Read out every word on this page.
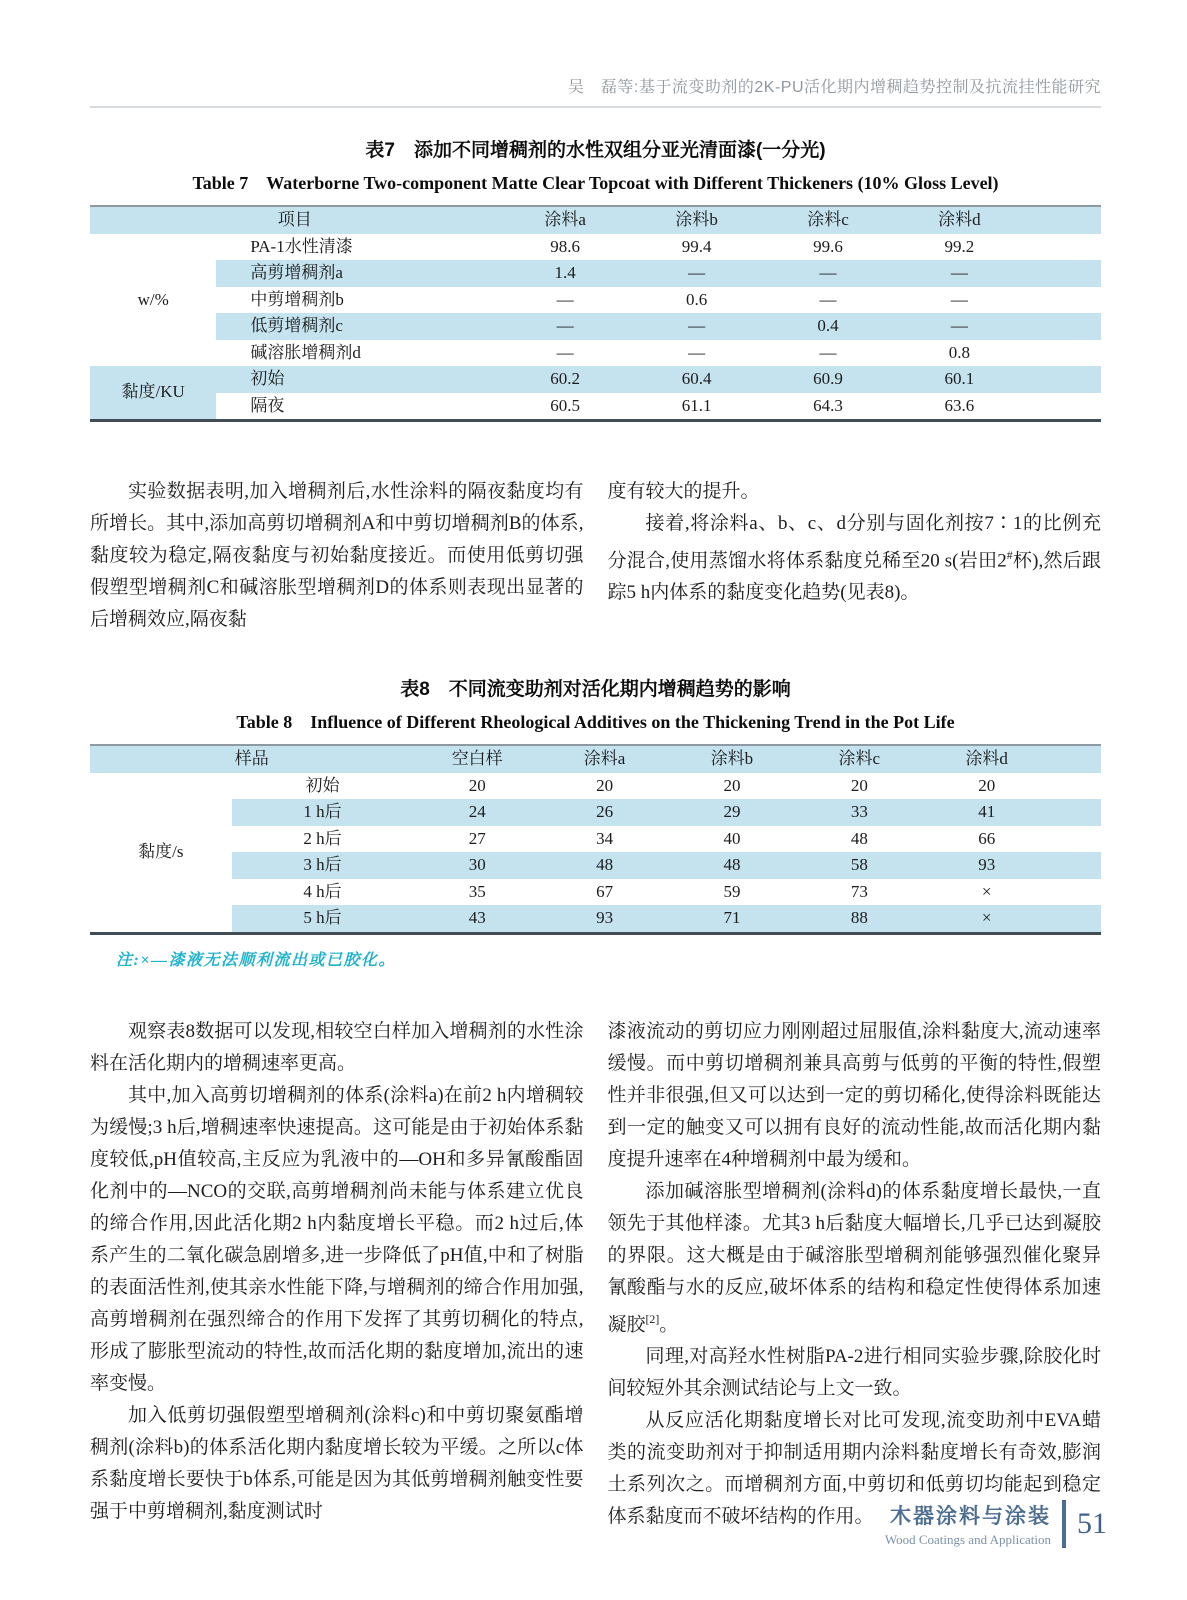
吴　磊等:基于流变助剂的2K-PU活化期内增稠趋势控制及抗流挂性能研究
表7　添加不同增稠剂的水性双组分亚光清面漆(一分光)
Table 7　Waterborne Two-component Matte Clear Topcoat with Different Thickeners (10% Gloss Level)
项目		涂料a	涂料b	涂料c	涂料d	
w/%	PA-1水性清漆	98.6	99.4	99.6	99.2	
	高剪增稠剂a	1.4	—	—	—	
	中剪增稠剂b	—	0.6	—	—	
	低剪增稠剂c	—	—	0.4	—	
	碱溶胀增稠剂d	—	—	—	0.8	
黏度/KU	初始	60.2	60.4	60.9	60.1	
	隔夜	60.5	61.1	64.3	63.6	

实验数据表明,加入增稠剂后,水性涂料的隔夜黏度均有所增长。其中,添加高剪切增稠剂A和中剪切增稠剂B的体系,黏度较为稳定,隔夜黏度与初始黏度接近。而使用低剪切强假塑型增稠剂C和碱溶胀型增稠剂D的体系则表现出显著的后增稠效应,隔夜黏

度有较大的提升。

接着,将涂料a、b、c、d分别与固化剂按7∶1的比例充分混合,使用蒸馏水将体系黏度兑稀至20 s(岩田2#杯),然后跟踪5 h内体系的黏度变化趋势(见表8)。

表8　不同流变助剂对活化期内增稠趋势的影响
Table 8　Influence of Different Rheological Additives on the Thickening Trend in the Pot Life
样品		空白样	涂料a	涂料b	涂料c	涂料d	
黏度/s	初始	20	20	20	20	20	
	1 h后	24	26	29	33	41	
	2 h后	27	34	40	48	66	
	3 h后	30	48	48	58	93	
	4 h后	35	67	59	73	×	
	5 h后	43	93	71	88	×	
注:×—漆液无法顺利流出或已胶化。

观察表8数据可以发现,相较空白样加入增稠剂的水性涂料在活化期内的增稠速率更高。

其中,加入高剪切增稠剂的体系(涂料a)在前2 h内增稠较为缓慢;3 h后,增稠速率快速提高。这可能是由于初始体系黏度较低,pH值较高,主反应为乳液中的—OH和多异氰酸酯固化剂中的—NCO的交联,高剪增稠剂尚未能与体系建立优良的缔合作用,因此活化期2 h内黏度增长平稳。而2 h过后,体系产生的二氧化碳急剧增多,进一步降低了pH值,中和了树脂的表面活性剂,使其亲水性能下降,与增稠剂的缔合作用加强,高剪增稠剂在强烈缔合的作用下发挥了其剪切稠化的特点,形成了膨胀型流动的特性,故而活化期的黏度增加,流出的速率变慢。

加入低剪切强假塑型增稠剂(涂料c)和中剪切聚氨酯增稠剂(涂料b)的体系活化期内黏度增长较为平缓。之所以c体系黏度增长要快于b体系,可能是因为其低剪增稠剂触变性要强于中剪增稠剂,黏度测试时

漆液流动的剪切应力刚刚超过屈服值,涂料黏度大,流动速率缓慢。而中剪切增稠剂兼具高剪与低剪的平衡的特性,假塑性并非很强,但又可以达到一定的剪切稀化,使得涂料既能达到一定的触变又可以拥有良好的流动性能,故而活化期内黏度提升速率在4种增稠剂中最为缓和。

添加碱溶胀型增稠剂(涂料d)的体系黏度增长最快,一直领先于其他样漆。尤其3 h后黏度大幅增长,几乎已达到凝胶的界限。这大概是由于碱溶胀型增稠剂能够强烈催化聚异氰酸酯与水的反应,破坏体系的结构和稳定性使得体系加速凝胶[2]。

同理,对高羟水性树脂PA-2进行相同实验步骤,除胶化时间较短外其余测试结论与上文一致。

从反应活化期黏度增长对比可发现,流变助剂中EVA蜡类的流变助剂对于抑制适用期内涂料黏度增长有奇效,膨润土系列次之。而增稠剂方面,中剪切和低剪切均能起到稳定体系黏度而不破坏结构的作用。 木器涂料与涂装
Wood Coatings and Application 51
